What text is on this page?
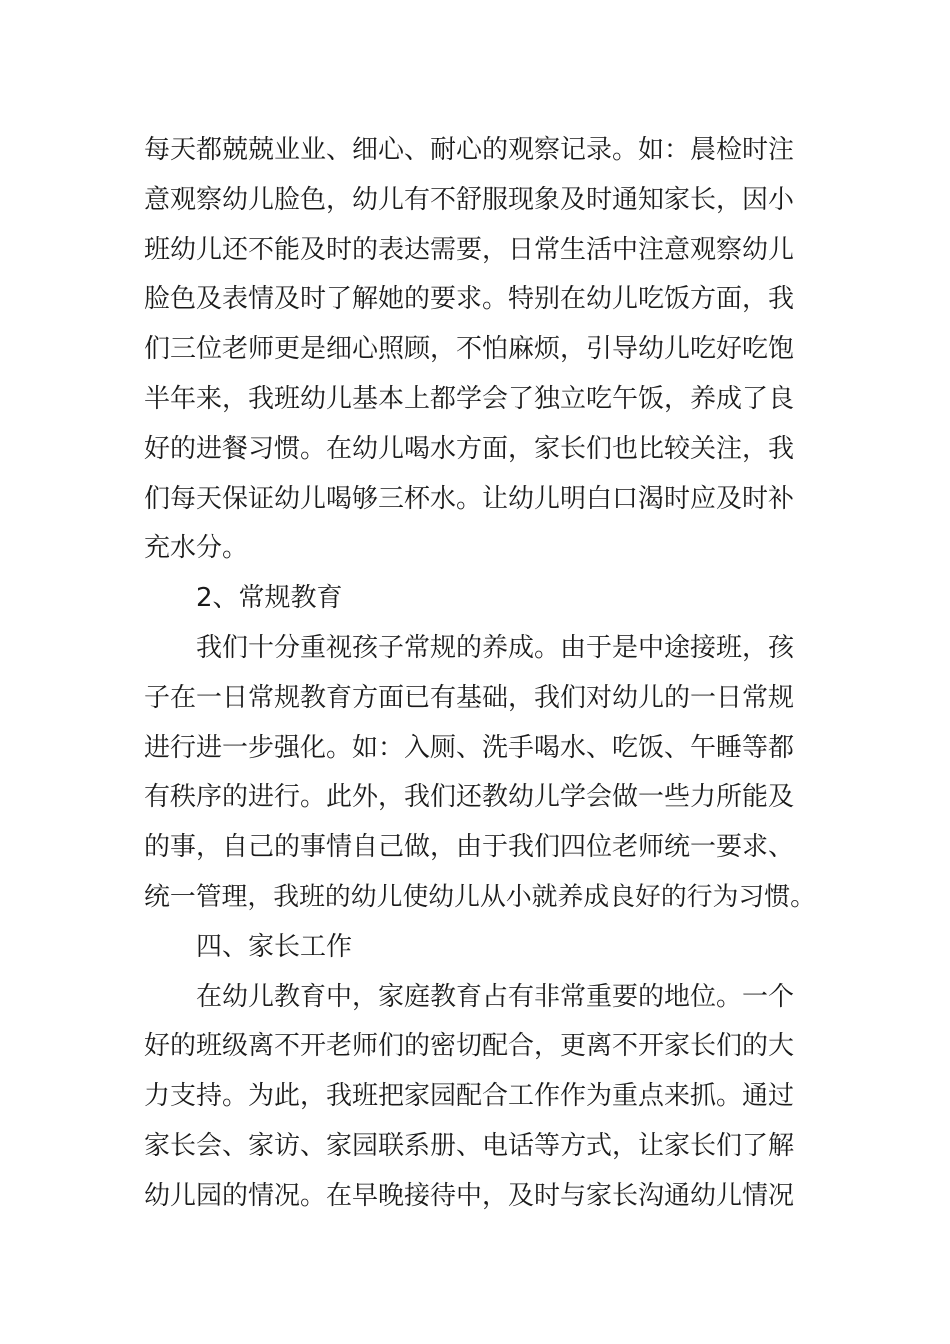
每天都兢兢业业、细心、耐心的观察记录。如：晨检时注
意观察幼儿脸色，幼儿有不舒服现象及时通知家长，因小
班幼儿还不能及时的表达需要，日常生活中注意观察幼儿
脸色及表情及时了解她的要求。特别在幼儿吃饭方面，我
们三位老师更是细心照顾，不怕麻烦，引导幼儿吃好吃饱
半年来，我班幼儿基本上都学会了独立吃午饭，养成了良
好的进餐习惯。在幼儿喝水方面，家长们也比较关注，我
们每天保证幼儿喝够三杯水。让幼儿明白口渴时应及时补
充水分。
2、常规教育
我们十分重视孩子常规的养成。由于是中途接班，孩
子在一日常规教育方面已有基础，我们对幼儿的一日常规
进行进一步强化。如：入厕、洗手喝水、吃饭、午睡等都
有秩序的进行。此外，我们还教幼儿学会做一些力所能及
的事，自己的事情自己做，由于我们四位老师统一要求、
统一管理，我班的幼儿使幼儿从小就养成良好的行为习惯。
四、家长工作
在幼儿教育中，家庭教育占有非常重要的地位。一个
好的班级离不开老师们的密切配合，更离不开家长们的大
力支持。为此，我班把家园配合工作作为重点来抓。通过
家长会、家访、家园联系册、电话等方式，让家长们了解
幼儿园的情况。在早晚接待中，及时与家长沟通幼儿情况
